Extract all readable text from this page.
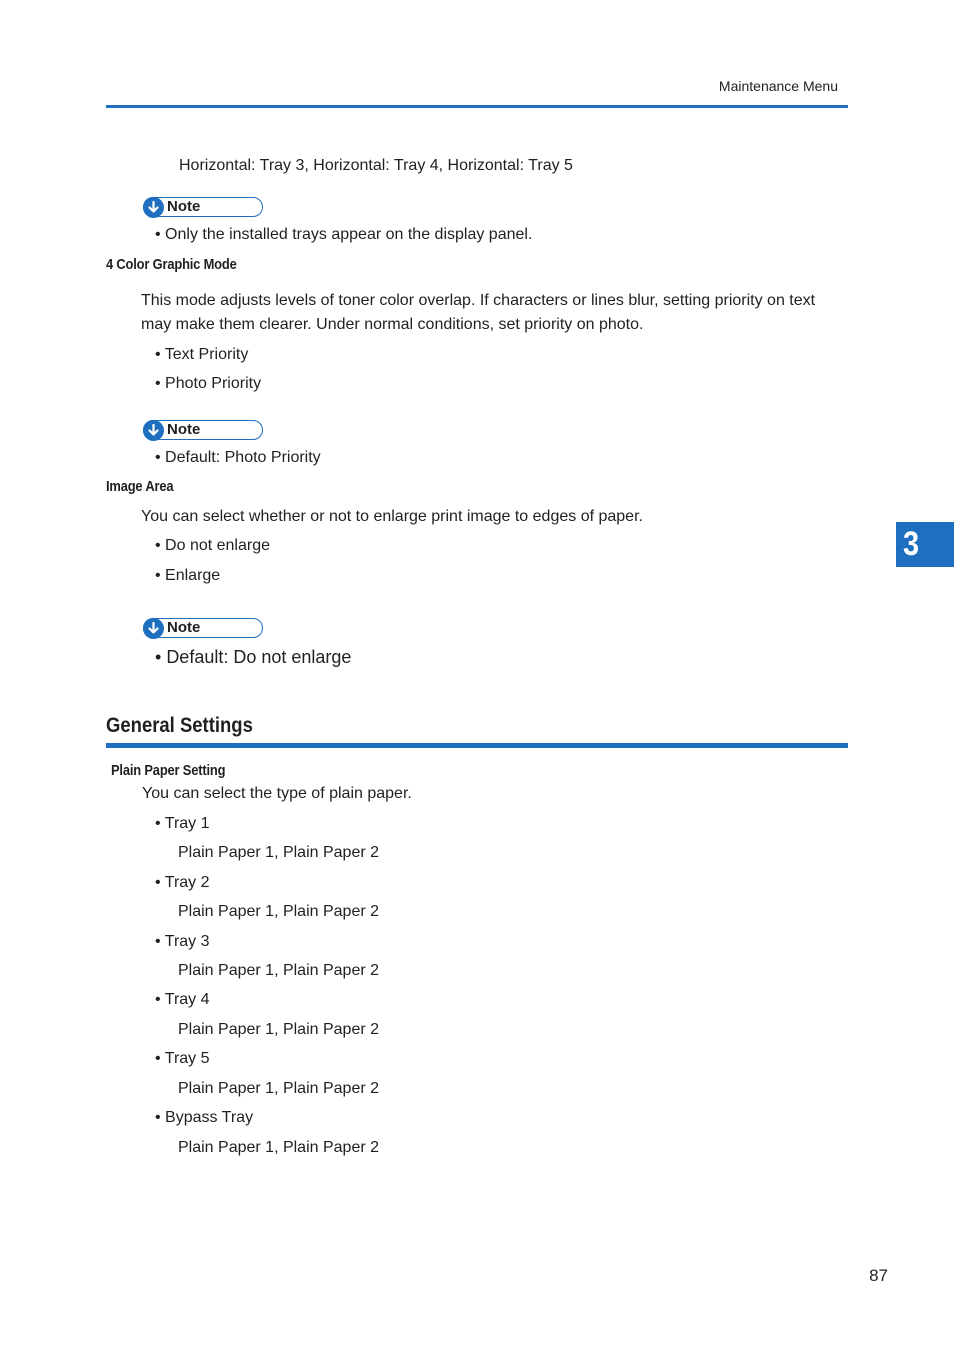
Maintenance Menu
Horizontal: Tray 3, Horizontal: Tray 4, Horizontal: Tray 5
Note
• Only the installed trays appear on the display panel.
4 Color Graphic Mode
This mode adjusts levels of toner color overlap. If characters or lines blur, setting priority on text may make them clearer. Under normal conditions, set priority on photo.
• Text Priority
• Photo Priority
Note
• Default: Photo Priority
Image Area
You can select whether or not to enlarge print image to edges of paper.
• Do not enlarge
• Enlarge
Note
• Default: Do not enlarge
General Settings
Plain Paper Setting
You can select the type of plain paper.
• Tray 1
Plain Paper 1, Plain Paper 2
• Tray 2
Plain Paper 1, Plain Paper 2
• Tray 3
Plain Paper 1, Plain Paper 2
• Tray 4
Plain Paper 1, Plain Paper 2
• Tray 5
Plain Paper 1, Plain Paper 2
• Bypass Tray
Plain Paper 1, Plain Paper 2
3
87
